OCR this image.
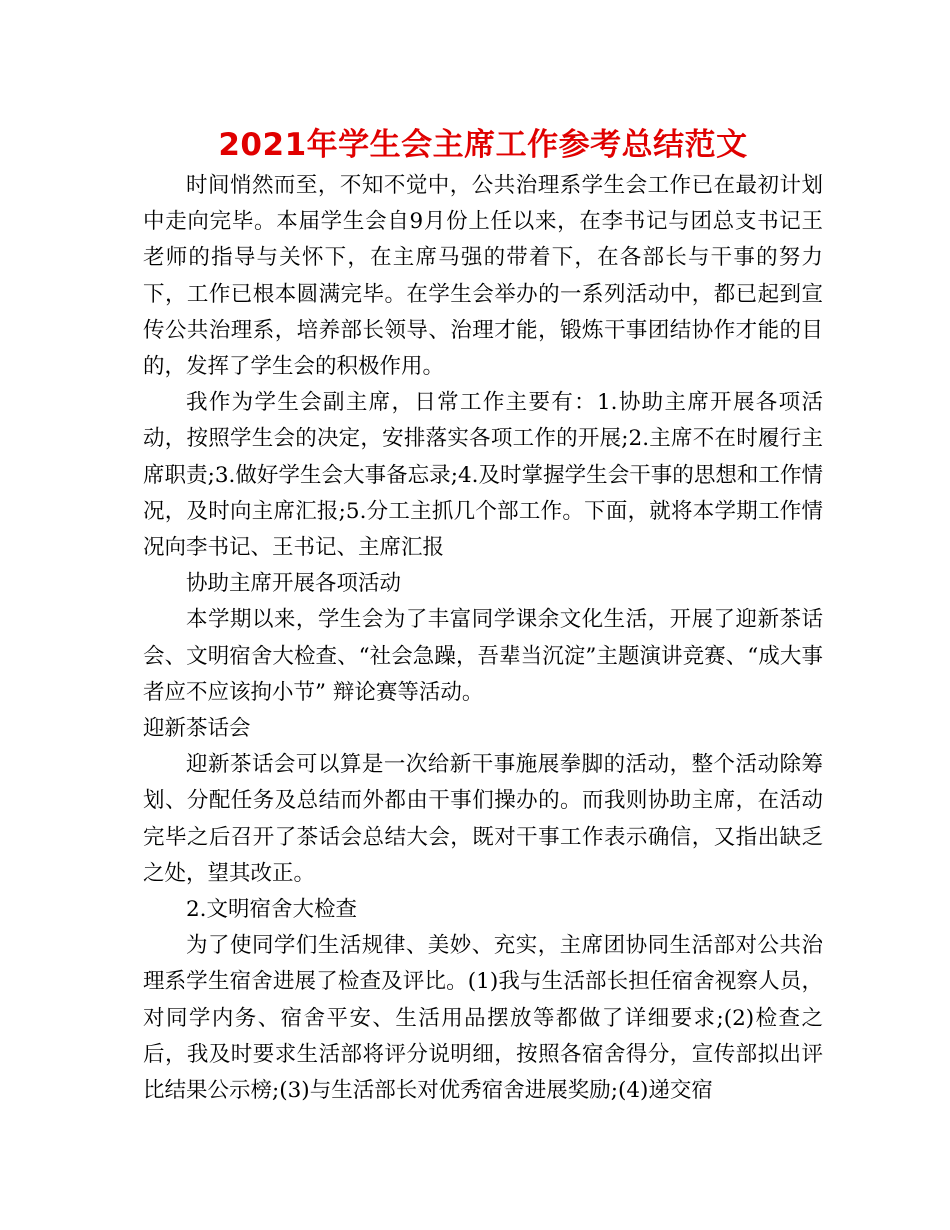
2021年学生会主席工作参考总结范文

时间悄然而至，不知不觉中，公共治理系学生会工作已在最初计划中走向完毕。本届学生会自9月份上任以来，在李书记与团总支书记王老师的指导与关怀下，在主席马强的带着下，在各部长与干事的努力下，工作已根本圆满完毕。在学生会举办的一系列活动中，都已起到宣传公共治理系，培养部长领导、治理才能，锻炼干事团结协作才能的目的，发挥了学生会的积极作用。

我作为学生会副主席，日常工作主要有：1.协助主席开展各项活动，按照学生会的决定，安排落实各项工作的开展;2.主席不在时履行主席职责;3.做好学生会大事备忘录;4.及时掌握学生会干事的思想和工作情况，及时向主席汇报;5.分工主抓几个部工作。下面，就将本学期工作情况向李书记、王书记、主席汇报

协助主席开展各项活动

本学期以来，学生会为了丰富同学课余文化生活，开展了迎新茶话会、文明宿舍大检查、“社会急躁，吾辈当沉淀”主题演讲竞赛、“成大事者应不应该拘小节” 辩论赛等活动。

迎新茶话会

迎新茶话会可以算是一次给新干事施展拳脚的活动，整个活动除筹划、分配任务及总结而外都由干事们操办的。而我则协助主席，在活动完毕之后召开了茶话会总结大会，既对干事工作表示确信，又指出缺乏之处，望其改正。

2.文明宿舍大检查

为了使同学们生活规律、美妙、充实，主席团协同生活部对公共治理系学生宿舍进展了检查及评比。(1)我与生活部长担任宿舍视察人员，对同学内务、宿舍平安、生活用品摆放等都做了详细要求;(2)检查之后，我及时要求生活部将评分说明细，按照各宿舍得分，宣传部拟出评比结果公示榜;(3)与生活部长对优秀宿舍进展奖励;(4)递交宿
